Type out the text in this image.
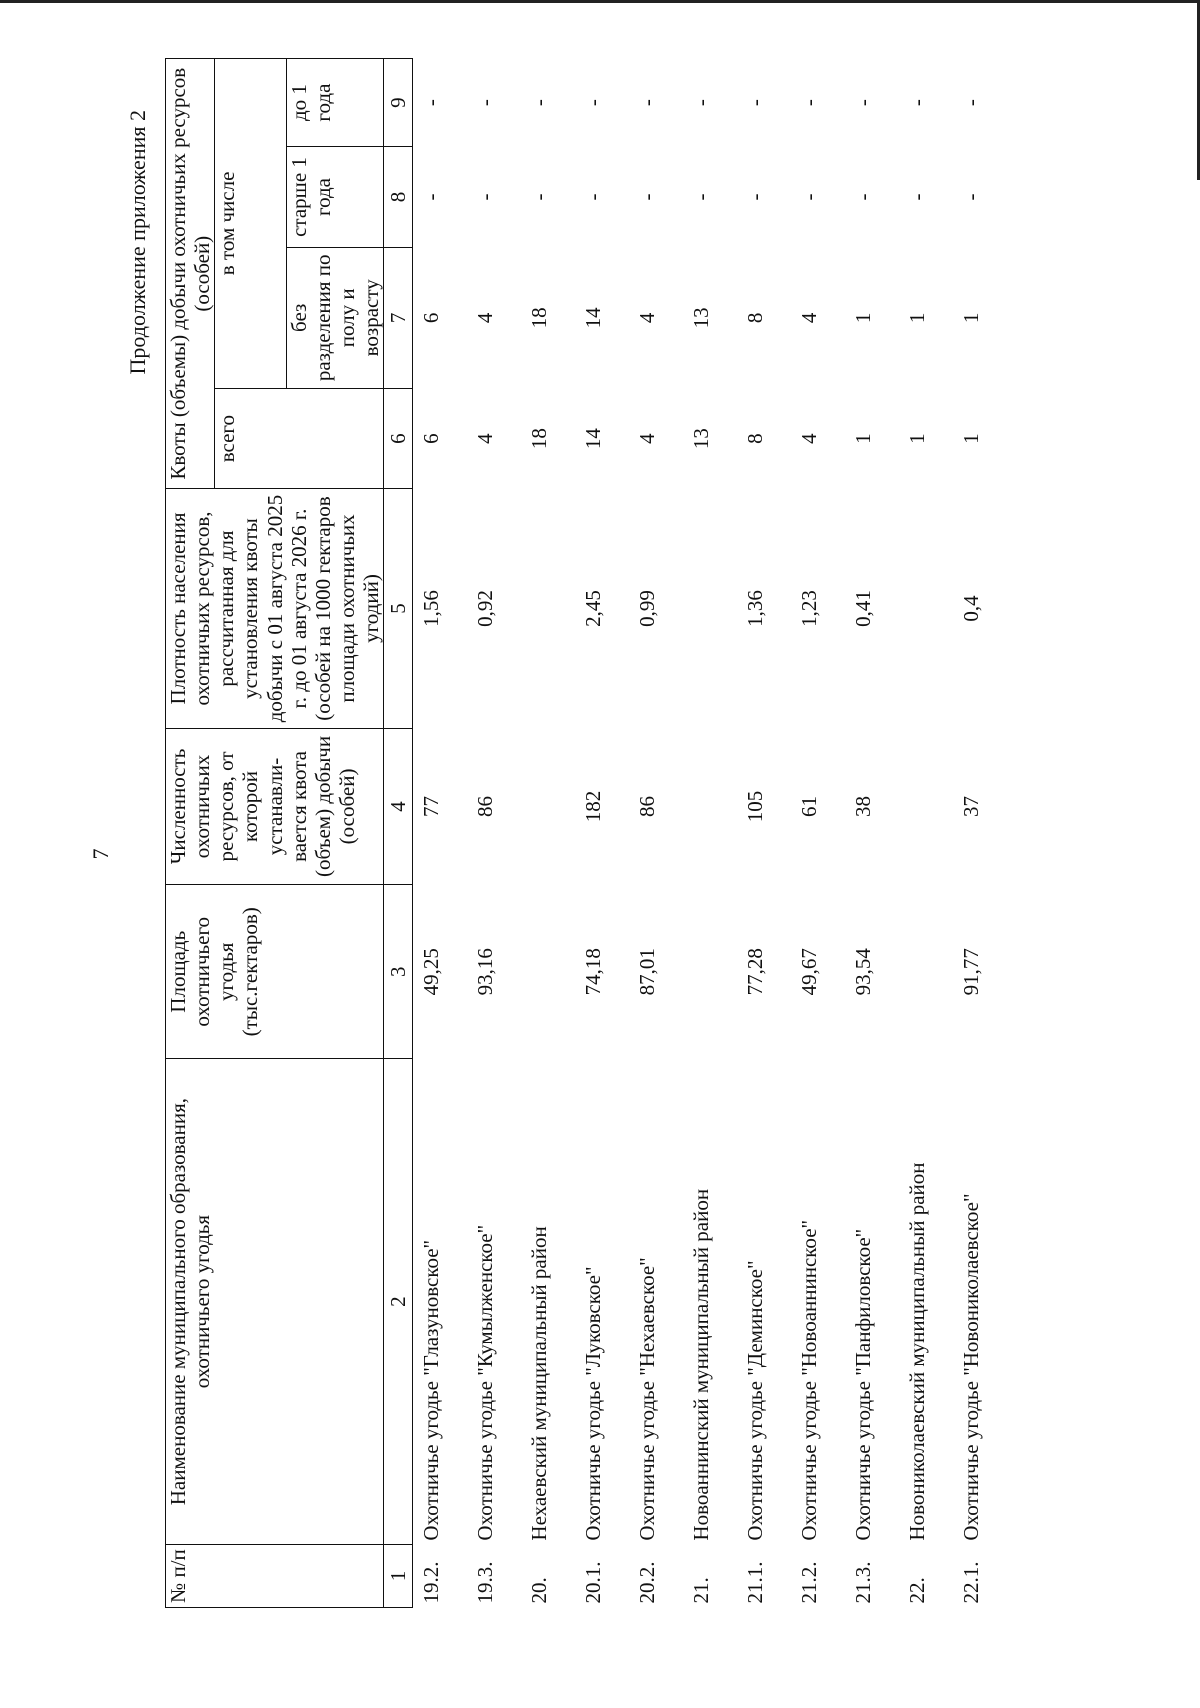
7
Продолжение приложения 2
№ п/п	Наименование муниципального образования, охотничьего угодья	Площадь охотничьего угодья (тыс.гектаров)	Численность охотничьих ресурсов, от которой устанавли-вается квота (объем) добычи (особей)	Плотность населения охотничьих ресурсов, рассчитанная для установления квоты добычи с 01 августа 2025 г. до 01 августа 2026 г. (особей на 1000 гектаров площади охотничьих угодий)	Квоты (объемы) добычи охотничьих ресурсов (особей)			
					всего	в том числе		
						без разделения по полу и возрасту	старше 1 года	до 1 года
1	2	3	4	5	6	7	8	9
19.2.	Охотничье угодье "Глазуновское"	49,25	77	1,56	6	6	-	-
19.3.	Охотничье угодье "Кумылженское"	93,16	86	0,92	4	4	-	-
20.	Нехаевский муниципальный район				18	18	-	-
20.1.	Охотничье угодье "Луковское"	74,18	182	2,45	14	14	-	-
20.2.	Охотничье угодье "Нехаевское"	87,01	86	0,99	4	4	-	-
21.	Новоаннинский муниципальный район				13	13	-	-
21.1.	Охотничье угодье "Деминское"	77,28	105	1,36	8	8	-	-
21.2.	Охотничье угодье "Новоаннинское"	49,67	61	1,23	4	4	-	-
21.3.	Охотничье угодье "Панфиловское"	93,54	38	0,41	1	1	-	-
22.	Новониколаевский муниципальный район				1	1	-	-
22.1.	Охотничье угодье "Новониколаевское"	91,77	37	0,4	1	1	-	-
